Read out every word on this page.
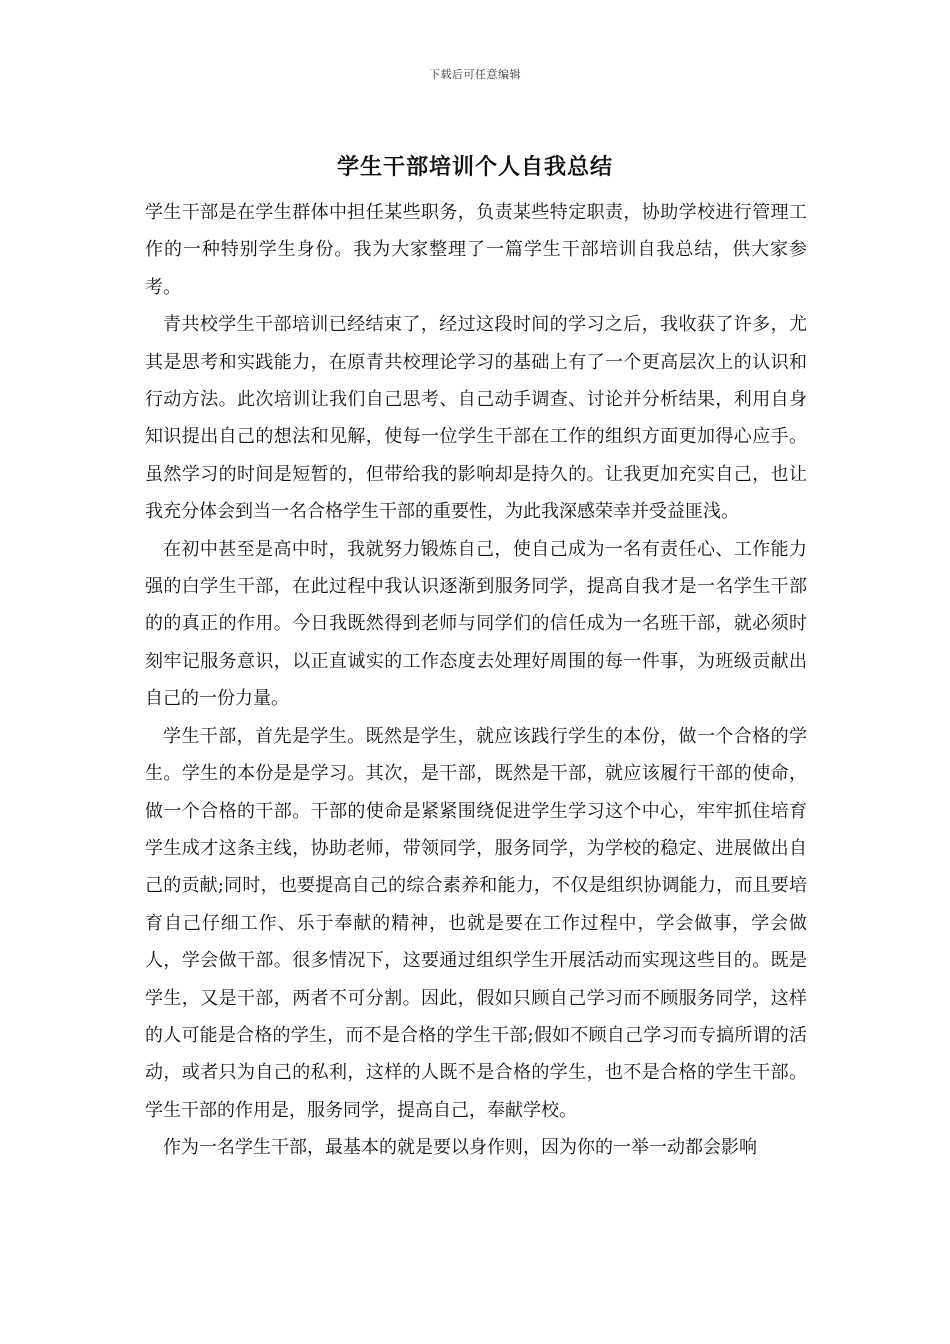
下载后可任意编辑
学生干部培训个人自我总结

学生干部是在学生群体中担任某些职务，负责某些特定职责，协助学校进行管理工作的一种特别学生身份。我为大家整理了一篇学生干部培训自我总结，供大家参考。

青共校学生干部培训已经结束了，经过这段时间的学习之后，我收获了许多，尤其是思考和实践能力，在原青共校理论学习的基础上有了一个更高层次上的认识和行动方法。此次培训让我们自己思考、自己动手调查、讨论并分析结果，利用自身知识提出自己的想法和见解，使每一位学生干部在工作的组织方面更加得心应手。虽然学习的时间是短暂的，但带给我的影响却是持久的。让我更加充实自己，也让我充分体会到当一名合格学生干部的重要性，为此我深感荣幸并受益匪浅。

在初中甚至是高中时，我就努力锻炼自己，使自己成为一名有责任心、工作能力强的白学生干部，在此过程中我认识逐渐到服务同学，提高自我才是一名学生干部的的真正的作用。今日我既然得到老师与同学们的信任成为一名班干部，就必须时刻牢记服务意识，以正直诚实的工作态度去处理好周围的每一件事，为班级贡献出自己的一份力量。

学生干部，首先是学生。既然是学生，就应该践行学生的本份，做一个合格的学生。学生的本份是是学习。其次，是干部，既然是干部，就应该履行干部的使命，做一个合格的干部。干部的使命是紧紧围绕促进学生学习这个中心，牢牢抓住培育学生成才这条主线，协助老师，带领同学，服务同学，为学校的稳定、进展做出自己的贡献;同时，也要提高自己的综合素养和能力，不仅是组织协调能力，而且要培育自己仔细工作、乐于奉献的精神，也就是要在工作过程中，学会做事，学会做人，学会做干部。很多情况下，这要通过组织学生开展活动而实现这些目的。既是学生，又是干部，两者不可分割。因此，假如只顾自己学习而不顾服务同学，这样的人可能是合格的学生，而不是合格的学生干部;假如不顾自己学习而专搞所谓的活动，或者只为自己的私利，这样的人既不是合格的学生，也不是合格的学生干部。学生干部的作用是，服务同学，提高自己，奉献学校。

作为一名学生干部，最基本的就是要以身作则，因为你的一举一动都会影响
